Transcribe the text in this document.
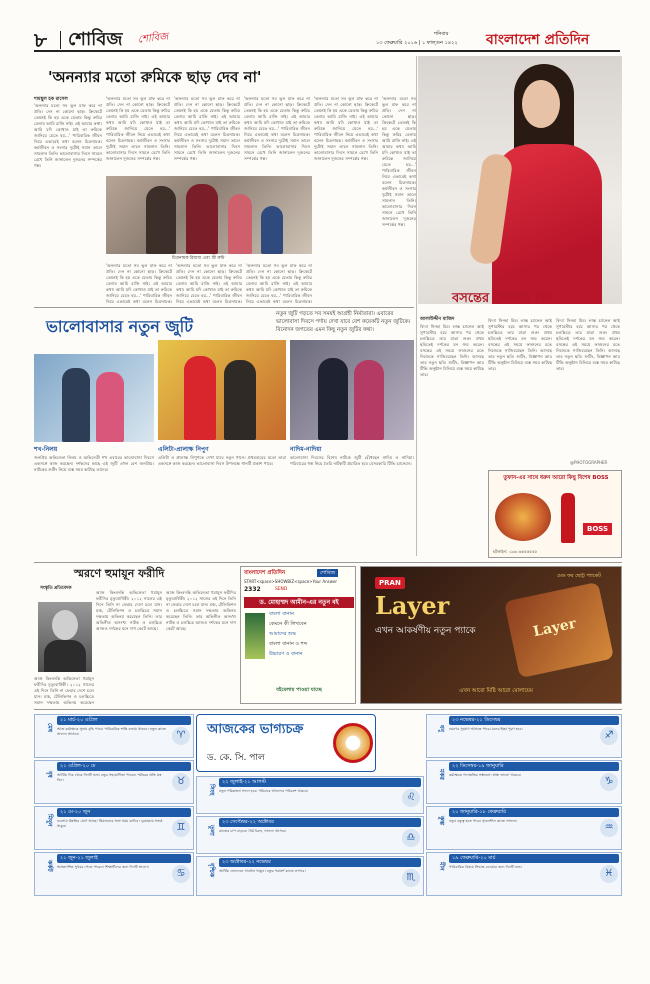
৮ শোবিজ শোবিজ	শনিবার
১৩ ফেব্রুয়ারি ২০১৬ | ১ ফাল্গুন ১৪২২ বাংলাদেশ প্রতিদিন
'অনন্যার মতো রুমিকে ছাড় দেব না'
শামছুল হক রাসেল
'অনন্যার মতো সব ভুল মাফ করে না প্রতি। দেন না কোনো ছাড়। ক্রিকেটে তেমনই কি হয় একে যেতাম কিন্তু রুমির বেলায় আমি রাজি নাই। এই আমার কথা। আমি যদি কোথাও যাই তা রুমিকে জানিয়ে যেতে হয়...' পারিবারিক জীবন নিয়ে এভাবেই কথা বলেন চিত্রনায়ক। কর্মজীবন ও সংসার দুটোই সমান তালে সামলান তিনি। ভালোবাসার দিবস সামনে রেখে তিনি জানালেন দুজনের সম্পর্কের গল্প।
'অনন্যার মতো সব ভুল মাফ করে না প্রতি। দেন না কোনো ছাড়। ক্রিকেটে তেমনই কি হয় একে যেতাম কিন্তু রুমির বেলায় আমি রাজি নাই। এই আমার কথা। আমি যদি কোথাও যাই তা রুমিকে জানিয়ে যেতে হয়...' পারিবারিক জীবন নিয়ে এভাবেই কথা বলেন চিত্রনায়ক। কর্মজীবন ও সংসার দুটোই সমান তালে সামলান তিনি। ভালোবাসার দিবস সামনে রেখে তিনি জানালেন দুজনের সম্পর্কের গল্প।
'অনন্যার মতো সব ভুল মাফ করে না প্রতি। দেন না কোনো ছাড়। ক্রিকেটে তেমনই কি হয় একে যেতাম কিন্তু রুমির বেলায় আমি রাজি নাই। এই আমার কথা। আমি যদি কোথাও যাই তা রুমিকে জানিয়ে যেতে হয়...' পারিবারিক জীবন নিয়ে এভাবেই কথা বলেন চিত্রনায়ক। কর্মজীবন ও সংসার দুটোই সমান তালে সামলান তিনি। ভালোবাসার দিবস সামনে রেখে তিনি জানালেন দুজনের সম্পর্কের গল্প।
'অনন্যার মতো সব ভুল মাফ করে না প্রতি। দেন না কোনো ছাড়। ক্রিকেটে তেমনই কি হয় একে যেতাম কিন্তু রুমির বেলায় আমি রাজি নাই। এই আমার কথা। আমি যদি কোথাও যাই তা রুমিকে জানিয়ে যেতে হয়...' পারিবারিক জীবন নিয়ে এভাবেই কথা বলেন চিত্রনায়ক। কর্মজীবন ও সংসার দুটোই সমান তালে সামলান তিনি। ভালোবাসার দিবস সামনে রেখে তিনি জানালেন দুজনের সম্পর্কের গল্প।
'অনন্যার মতো সব ভুল মাফ করে না প্রতি। দেন না কোনো ছাড়। ক্রিকেটে তেমনই কি হয় একে যেতাম কিন্তু রুমির বেলায় আমি রাজি নাই। এই আমার কথা। আমি যদি কোথাও যাই তা রুমিকে জানিয়ে যেতে হয়...' পারিবারিক জীবন নিয়ে এভাবেই কথা বলেন চিত্রনায়ক। কর্মজীবন ও সংসার দুটোই সমান তালে সামলান তিনি। ভালোবাসার দিবস সামনে রেখে তিনি জানালেন দুজনের সম্পর্কের গল্প।
'অনন্যার মতো সব ভুল মাফ করে না প্রতি। দেন না কোনো ছাড়। ক্রিকেটে তেমনই কি হয় একে যেতাম কিন্তু রুমির বেলায় আমি রাজি নাই। এই আমার কথা। আমি যদি কোথাও যাই তা রুমিকে জানিয়ে যেতে হয়...' পারিবারিক জীবন নিয়ে এভাবেই কথা বলেন চিত্রনায়ক। কর্মজীবন ও সংসার দুটোই সমান তালে সামলান তিনি। ভালোবাসার দিবস সামনে রেখে তিনি জানালেন দুজনের সম্পর্কের গল্প।
চিত্রনায়ক রিয়াজ এবং স্ত্রী রুমি
'অনন্যার মতো সব ভুল মাফ করে না প্রতি। দেন না কোনো ছাড়। ক্রিকেটে তেমনই কি হয় একে যেতাম কিন্তু রুমির বেলায় আমি রাজি নাই। এই আমার কথা। আমি যদি কোথাও যাই তা রুমিকে জানিয়ে যেতে হয়...' পারিবারিক জীবন নিয়ে এভাবেই কথা বলেন চিত্রনায়ক।
'অনন্যার মতো সব ভুল মাফ করে না প্রতি। দেন না কোনো ছাড়। ক্রিকেটে তেমনই কি হয় একে যেতাম কিন্তু রুমির বেলায় আমি রাজি নাই। এই আমার কথা। আমি যদি কোথাও যাই তা রুমিকে জানিয়ে যেতে হয়...' পারিবারিক জীবন নিয়ে এভাবেই কথা বলেন চিত্রনায়ক।
'অনন্যার মতো সব ভুল মাফ করে না প্রতি। দেন না কোনো ছাড়। ক্রিকেটে তেমনই কি হয় একে যেতাম কিন্তু রুমির বেলায় আমি রাজি নাই। এই আমার কথা। আমি যদি কোথাও যাই তা রুমিকে জানিয়ে যেতে হয়...' পারিবারিক জীবন নিয়ে এভাবেই কথা বলেন চিত্রনায়ক।	বসন্তের দোলায় মিম
আলাউদ্দীন মাজিদ
বিদ্যা সিনহা মিম। লাক্স চ্যানেল আই সুপারস্টার হয়ে আসার পর থেকে চলচ্চিত্রে তার যাত্রা শুরু। প্রথম ছবিতেই দর্শকের মন জয় করেন। বসন্তের এই সময়ে ফাগুনের রঙে নিজেকে সাজিয়েছেন তিনি। আসছে তার নতুন ছবি। শুটিং, বিজ্ঞাপন আর টিভি অনুষ্ঠান মিলিয়ে ব্যস্ত সময় কাটছে তার।
বিদ্যা সিনহা মিম। লাক্স চ্যানেল আই সুপারস্টার হয়ে আসার পর থেকে চলচ্চিত্রে তার যাত্রা শুরু। প্রথম ছবিতেই দর্শকের মন জয় করেন। বসন্তের এই সময়ে ফাগুনের রঙে নিজেকে সাজিয়েছেন তিনি। আসছে তার নতুন ছবি। শুটিং, বিজ্ঞাপন আর টিভি অনুষ্ঠান মিলিয়ে ব্যস্ত সময় কাটছে তার।
বিদ্যা সিনহা মিম। লাক্স চ্যানেল আই সুপারস্টার হয়ে আসার পর থেকে চলচ্চিত্রে তার যাত্রা শুরু। প্রথম ছবিতেই দর্শকের মন জয় করেন। বসন্তের এই সময়ে ফাগুনের রঙে নিজেকে সাজিয়েছেন তিনি। আসছে তার নতুন ছবি। শুটিং, বিজ্ঞাপন আর টিভি অনুষ্ঠান মিলিয়ে ব্যস্ত সময় কাটছে তার।
@PHOTOGRAPHER
তুফান-এর সাথে ধরুন আরো কিছু বিশেষ BOSS
BOSS
হটলাইন: ০৯৬০৬৫৫৫৫৫৫
ভালোবাসার নতুন জুটি
নতুন জুটি গড়তে সব সময়ই আগ্রহী নির্মাতারা। এবারের ভালোবাসা দিবসে পর্দায় দেখা যাবে বেশ কয়েকটি নতুন জুটিকে। বিনোদন জগতের এমন কিছু নতুন জুটির কথা।
শখ-নিলয়
জনপ্রিয় অভিনেতা নিলয় ও অভিনেত্রী শখ এবারের ভালোবাসা দিবসে একসঙ্গে কাজ করছেন। দর্শকদের কাছে এই জুটি এখন বেশ জনপ্রিয়। নাটকের শুটিং নিয়ে ব্যস্ত সময় কাটছে তাদের।
এলিটা-প্রালাক্ষ নিপুণ
এলিটা ও প্রালাক্ষ নিপুণকে দেখা যাবে নতুন গানে। প্রথমবারের মতো তারা একসঙ্গে কাজ করছেন। ভালোবাসা দিবস উপলক্ষে গানটি প্রকাশ পাবে।
নাদিম-নাদিয়া
ভালোবাসা দিবসের বিশেষ নাটকে জুটি বেঁধেছেন নাদিম ও নাদিয়া। পরিবারের গল্প নিয়ে তৈরি নাটকটি প্রচারিত হবে বেসরকারি টিভি চ্যানেলে।
স্মরণে হুমায়ূন ফরীদি
সংস্কৃতি প্রতিবেদক
আজ কিংবদন্তি অভিনেতা হুমায়ূন ফরীদির মৃত্যুবার্ষিকী। ২০১২ সালের এই দিনে তিনি না ফেরার দেশে চলে যান। মঞ্চ, টেলিভিশন ও চলচ্চিত্রে সমান দক্ষতায় অভিনয় করেছেন তিনি। তার অভিনীত অসংখ্য নাটক ও চলচ্চিত্র আজও দর্শকের মনে দাগ কেটে আছে।
আজ কিংবদন্তি অভিনেতা হুমায়ূন ফরীদির মৃত্যুবার্ষিকী। ২০১২ সালের এই দিনে তিনি না ফেরার দেশে চলে যান। মঞ্চ, টেলিভিশন ও চলচ্চিত্রে সমান দক্ষতায় অভিনয় করেছেন
আজ কিংবদন্তি অভিনেতা হুমায়ূন ফরীদির মৃত্যুবার্ষিকী। ২০১২ সালের এই দিনে তিনি না ফেরার দেশে চলে যান। মঞ্চ, টেলিভিশন ও চলচ্চিত্রে সমান দক্ষতায় অভিনয় করেছেন তিনি। তার অভিনীত অসংখ্য নাটক ও চলচ্চিত্র আজও দর্শকের মনে দাগ কেটে আছে।
বাংলাদেশ প্রতিদিন	শোবিজ
START<space>SHOWBIZ<space>Your Answer
2332	SEND
ড. মোহাম্মদ আমীন-এর নতুন বই
বাংলা বানান
কেমনে কী লিখবেন
আমাদের শুদ্ধ
বাংলা বানান ও শব্দ
উচ্চারণ ও বানান
বইমেলায় পাওয়া যাচ্ছে
PRAN
Layer
মেড ফর ছোট্ট প্যাকেট
এখন আকর্ষণীয় নতুন প্যাকে	Layer
এখন আরো মিষ্টি আরো মোলায়েম
আজকের ভাগ্যচক্র
ড. কে. সি. পাল
মেষ
২১ মার্চ-২০ এপ্রিল
আজ কর্মক্ষেত্রে সুনাম বৃদ্ধি পাবে। পারিবারিক শান্তি বজায় থাকবে। নতুন কাজে সাফল্য আসবে।	♈
বৃষ
২১ এপ্রিল-২০ মে
আর্থিক দিক থেকে দিনটি শুভ। বন্ধুর সহযোগিতা পাবেন। শরীরের প্রতি যত্ন নিন।	♉
মিথুন
২১ মে-২০ জুন
ব্যবসায় উন্নতির যোগ আছে। প্রিয়জনের সঙ্গে সময় কাটবে। দূরযাত্রায় সতর্ক থাকুন।	♊
কর্কট
২১ জুন-২১ জুলাই
অপ্রত্যাশিত সুখবর পেতে পারেন। শিক্ষার্থীদের জন্য দিনটি ভালো।
♋
সিংহ
২২ জুলাই-২১ আগস্ট
নতুন পরিকল্পনা সফল হবে। পরিবারে আনন্দের পরিবেশ থাকবে।
♌
তুলা
২৩ সেপ্টেম্বর-২২ অক্টোবর
কাজের চাপ বাড়বে। ধৈর্য ধরুন, সাফল্য আসবে।
♎
বৃশ্চিক
২৩ অক্টোবর-২২ নভেম্বর
আর্থিক লেনদেনে সাবধান থাকুন। বন্ধুর পরামর্শ কাজে লাগবে।
♏
ধনু
২৩ নভেম্বর-২১ ডিসেম্বর
ভ্রমণের সুযোগ আসতে পারে। মনের ইচ্ছা পূরণ হবে।
♐
মকর
২২ ডিসেম্বর-১৯ জানুয়ারি
কর্মক্ষেত্রে পদোন্নতির সম্ভাবনা। স্বাস্থ্য ভালো থাকবে।
♑
কুম্ভ
২০ জানুয়ারি-১৮ ফেব্রুয়ারি
নতুন বন্ধুত্ব হতে পারে। সৃজনশীল কাজে সাফল্য।
♒
মীন
১৯ ফেব্রুয়ারি-২০ মার্চ
পারিবারিক বিষয়ে সিদ্ধান্ত নেওয়ার জন্য দিনটি শুভ।
♓
